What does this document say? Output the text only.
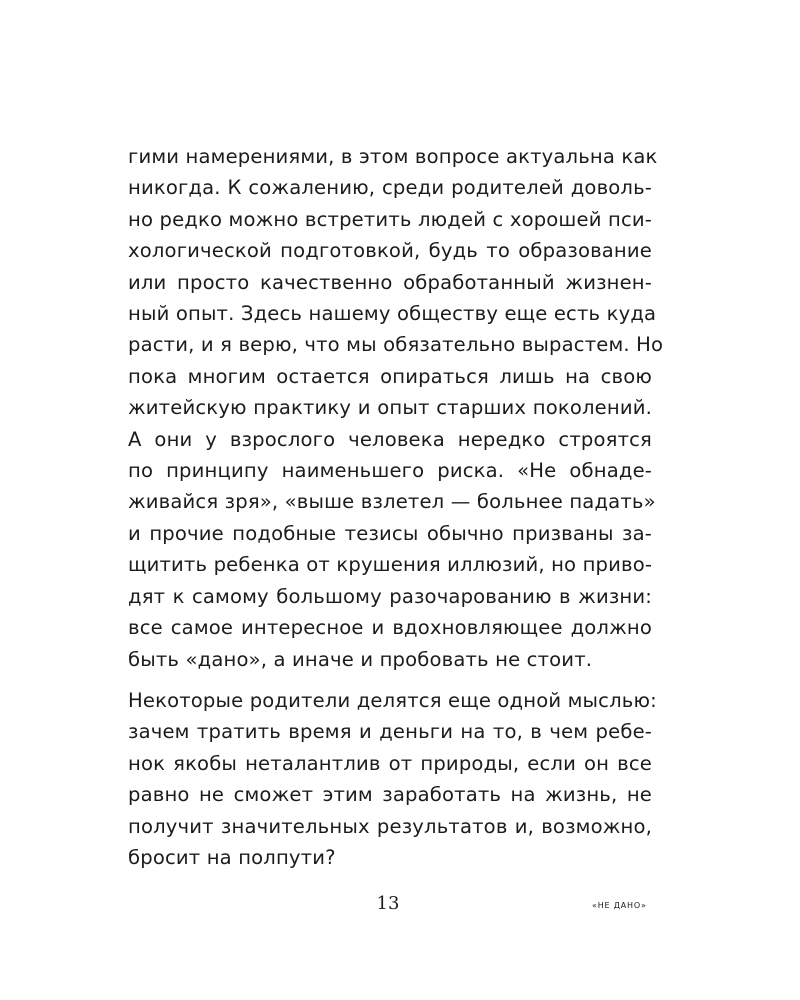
гими намерениями, в этом вопросе актуальна как
никогда. К сожалению, среди родителей доволь-
но редко можно встретить людей с хорошей пси-
хологической подготовкой, будь то образование
или просто качественно обработанный жизнен-
ный опыт. Здесь нашему обществу еще есть куда
расти, и я верю, что мы обязательно вырастем. Но
пока многим остается опираться лишь на свою
житейскую практику и опыт старших поколений.
А они у взрослого человека нередко строятся
по принципу наименьшего риска. «Не обнаде-
живайся зря», «выше взлетел — больнее падать»
и прочие подобные тезисы обычно призваны за-
щитить ребенка от крушения иллюзий, но приво-
дят к самому большому разочарованию в жизни:
все самое интересное и вдохновляющее должно
быть «дано», а иначе и пробовать не стоит.

Некоторые родители делятся еще одной мыслью:
зачем тратить время и деньги на то, в чем ребе-
нок якобы неталантлив от природы, если он все
равно не сможет этим заработать на жизнь, не
получит значительных результатов и, возможно,
бросит на полпути?

13	«НЕ ДАНО»
